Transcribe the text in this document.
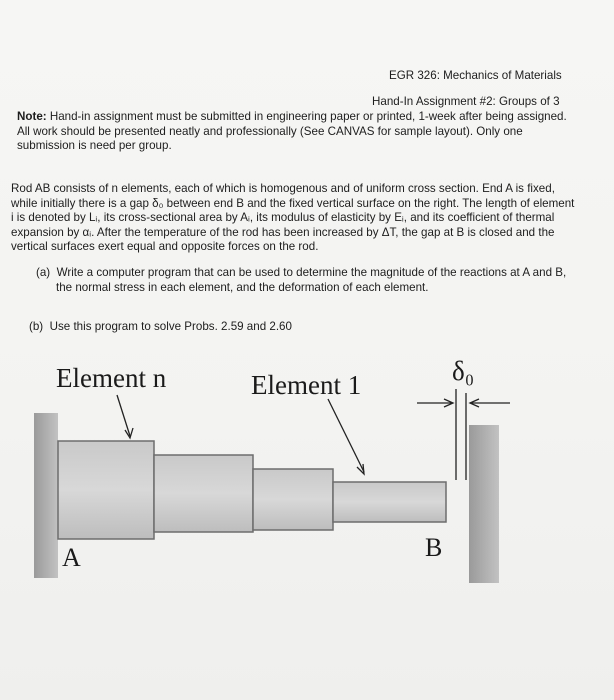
EGR 326: Mechanics of Materials
Hand-In Assignment #2: Groups of 3
Note: Hand-in assignment must be submitted in engineering paper or printed, 1-week after being assigned. All work should be presented neatly and professionally (See CANVAS for sample layout). Only one submission is need per group.
Rod AB consists of n elements, each of which is homogenous and of uniform cross section. End A is fixed, while initially there is a gap δ₀ between end B and the fixed vertical surface on the right. The length of element i is denoted by Lᵢ, its cross-sectional area by Aᵢ, its modulus of elasticity by Eᵢ, and its coefficient of thermal expansion by αᵢ. After the temperature of the rod has been increased by ΔT, the gap at B is closed and the vertical surfaces exert equal and opposite forces on the rod.
(a) Write a computer program that can be used to determine the magnitude of the reactions at A and B, the normal stress in each element, and the deformation of each element.
(b) Use this program to solve Probs. 2.59 and 2.60
Element n	Element 1	δ₀
A	B
